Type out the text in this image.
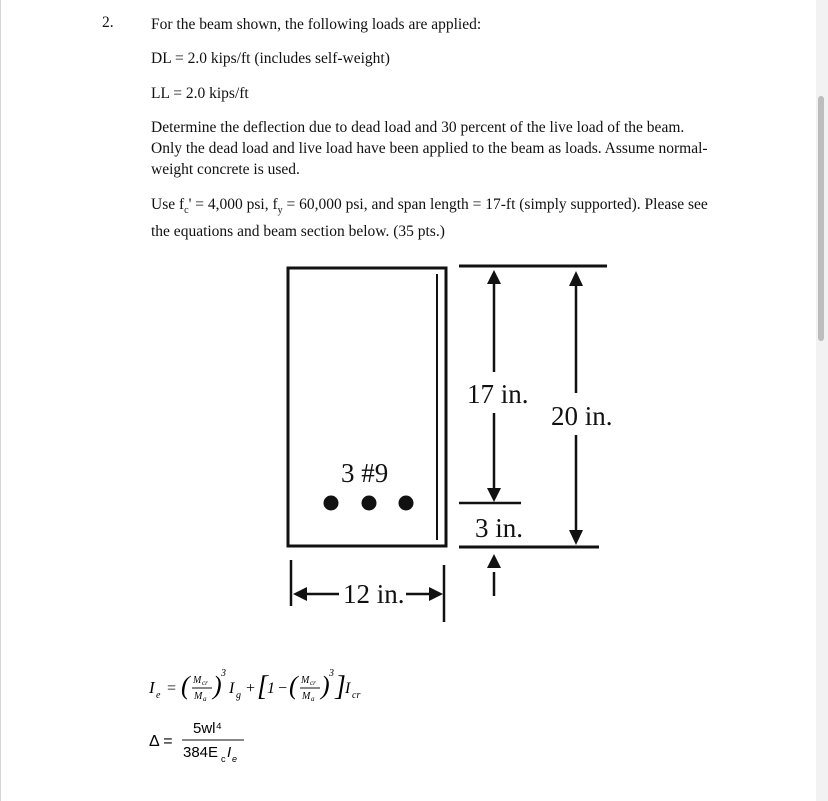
2. For the beam shown, the following loads are applied:
DL = 2.0 kips/ft (includes self-weight)
LL = 2.0 kips/ft
Determine the deflection due to dead load and 30 percent of the live load of the beam.
Only the dead load and live load have been applied to the beam as loads. Assume normal-
weight concrete is used.
Use $f_c' = 4,000$ psi, $f_y = 60,000$ psi, and span length = 17-ft (simply supported). Please see
the equations and beam section below. (35 pts.)
3 #9
17 in.
20 in.
3 in.
12 in.
I e = ( M cr
M a ) 3
I g + [ 1 − ( M cr
M a ) 3 ] I cr
Δ =
5wl⁴
384E c I e
